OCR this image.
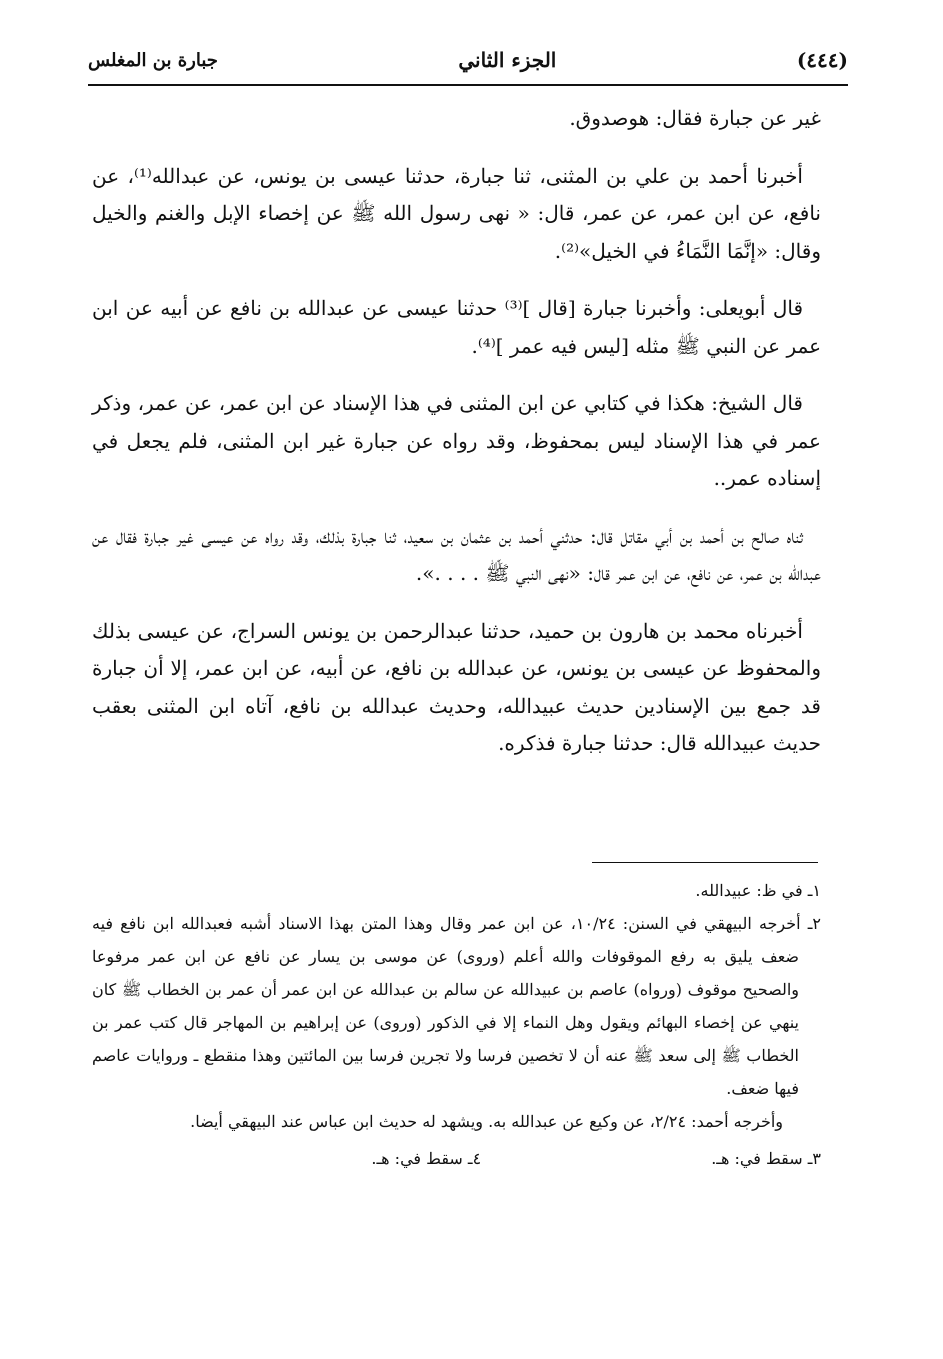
(٤٤٤)
الجزء الثاني
جبارة بن المغلس

غير عن جبارة فقال: هوصدوق.

أخبرنا أحمد بن علي بن المثنى، ثنا جبارة، حدثنا عيسى بن يونس، عن عبدالله⁽¹⁾، عن نافع، عن ابن عمر، عن عمر، قال: « نهى رسول الله ﷺ عن إخصاء الإبل والغنم والخيل وقال: «إنَّمَا النَّمَاءُ في الخيل»⁽²⁾.

قال أبويعلى: وأخبرنا جبارة [قال ]⁽³⁾ حدثنا عيسى عن عبدالله بن نافع عن أبيه عن ابن عمر عن النبي ﷺ مثله [ليس فيه عمر ]⁽⁴⁾.

قال الشيخ: هكذا في كتابي عن ابن المثنى في هذا الإسناد عن ابن عمر، عن عمر، وذكر عمر في هذا الإسناد ليس بمحفوظ، وقد رواه عن جبارة غير ابن المثنى، فلم يجعل في إسناده عمر..

ثناه صالح بن أحمد بن أبي مقاتل قال: حدثني أحمد بن عثمان بن سعيد، ثنا جبارة بذلك، وقد رواه عن عيسى غير جبارة فقال عن عبدالله بن عمر، عن نافع، عن ابن عمر قال: «نهى النبي ﷺ . . . .».

أخبرناه محمد بن هارون بن حميد، حدثنا عبدالرحمن بن يونس السراج، عن عيسى بذلك والمحفوظ عن عيسى بن يونس، عن عبدالله بن نافع، عن أبيه، عن ابن عمر، إلا أن جبارة قد جمع بين الإسنادين حديث عبيدالله، وحديث عبدالله بن نافع، آتاه ابن المثنى بعقب حديث عبيدالله قال: حدثنا جبارة فذكره.

١ـ في ظ: عبيدالله.

٢ـ أخرجه البيهقي في السنن: ١٠/٢٤، عن ابن عمر وقال وهذا المتن بهذا الاسناد أشبه فعبدالله ابن نافع فيه ضعف يليق به رفع الموقوفات والله أعلم (وروى) عن موسى بن يسار عن نافع عن ابن عمر مرفوعا والصحيح موقوف (ورواه) عاصم بن عبيدالله عن سالم بن عبدالله عن ابن عمر أن عمر بن الخطاب ﷺ كان ينهي عن إخصاء البهائم ويقول وهل النماء إلا في الذكور (وروى) عن إبراهيم بن المهاجر قال كتب عمر بن الخطاب ﷺ إلى سعد ﷺ عنه أن لا تخصين فرسا ولا تجرين فرسا بين المائتين وهذا منقطع ـ وروايات عاصم فيها ضعف.

وأخرجه أحمد: ٢/٢٤، عن وكيع عن عبدالله به. ويشهد له حديث ابن عباس عند البيهقي أيضا.

٣ـ سقط في: هـ.
٤ـ سقط في: هـ.
